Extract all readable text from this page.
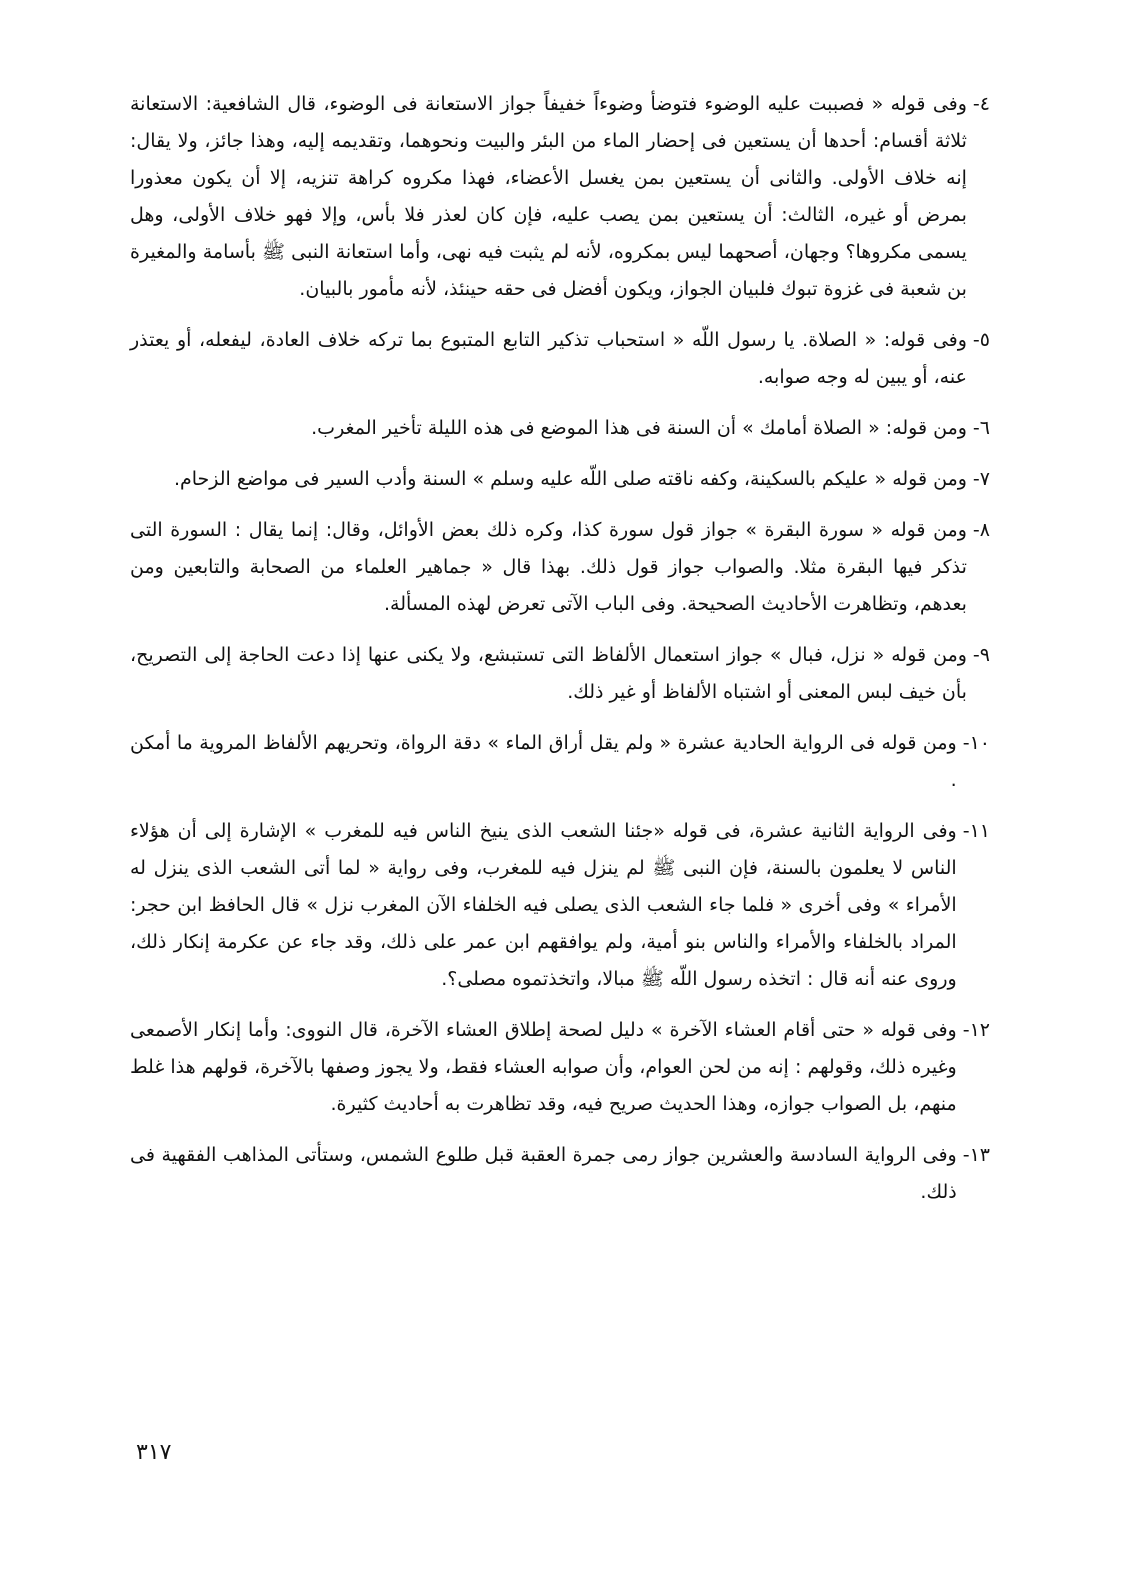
٤-
وفى قوله « فصببت عليه الوضوء فتوضأ وضوءاً خفيفاً جواز الاستعانة فى الوضوء، قال الشافعية: الاستعانة ثلاثة أقسام: أحدها أن يستعين فى إحضار الماء من البئر والبيت ونحوهما، وتقديمه إليه، وهذا جائز، ولا يقال: إنه خلاف الأولى. والثانى أن يستعين بمن يغسل الأعضاء، فهذا مكروه كراهة تنزيه، إلا أن يكون معذورا بمرض أو غيره، الثالث: أن يستعين بمن يصب عليه، فإن كان لعذر فلا بأس، وإلا فهو خلاف الأولى، وهل يسمى مكروها؟ وجهان، أصحهما ليس بمكروه، لأنه لم يثبت فيه نهى، وأما استعانة النبى ﷺ بأسامة والمغيرة بن شعبة فى غزوة تبوك فلبيان الجواز، ويكون أفضل فى حقه حينئذ، لأنه مأمور بالبيان.
٥-
وفى قوله: « الصلاة. يا رسول اللّه « استحباب تذكير التابع المتبوع بما تركه خلاف العادة، ليفعله، أو يعتذر عنه، أو يبين له وجه صوابه.
٦-
ومن قوله: « الصلاة أمامك » أن السنة فى هذا الموضع فى هذه الليلة تأخير المغرب.
٧-
ومن قوله « عليكم بالسكينة، وكفه ناقته صلى اللّه عليه وسلم » السنة وأدب السير فى مواضع الزحام.
٨-
ومن قوله « سورة البقرة » جواز قول سورة كذا، وكره ذلك بعض الأوائل، وقال: إنما يقال : السورة التى تذكر فيها البقرة مثلا. والصواب جواز قول ذلك. بهذا قال « جماهير العلماء من الصحابة والتابعين ومن بعدهم، وتظاهرت الأحاديث الصحيحة. وفى الباب الآتى تعرض لهذه المسألة.
٩-
ومن قوله « نزل، فبال » جواز استعمال الألفاظ التى تستبشع، ولا يكنى عنها إذا دعت الحاجة إلى التصريح، بأن خيف لبس المعنى أو اشتباه الألفاظ أو غير ذلك.
١٠-
ومن قوله فى الرواية الحادية عشرة « ولم يقل أراق الماء » دقة الرواة، وتحريهم الألفاظ المروية ما أمكن .
١١-
وفى الرواية الثانية عشرة، فى قوله «جئنا الشعب الذى ينيخ الناس فيه للمغرب » الإشارة إلى أن هؤلاء الناس لا يعلمون بالسنة، فإن النبى ﷺ لم ينزل فيه للمغرب، وفى رواية « لما أتى الشعب الذى ينزل له الأمراء » وفى أخرى « فلما جاء الشعب الذى يصلى فيه الخلفاء الآن المغرب نزل » قال الحافظ ابن حجر: المراد بالخلفاء والأمراء والناس بنو أمية، ولم يوافقهم ابن عمر على ذلك، وقد جاء عن عكرمة إنكار ذلك، وروى عنه أنه قال : اتخذه رسول اللّه ﷺ مبالا، واتخذتموه مصلى؟.
١٢-
وفى قوله « حتى أقام العشاء الآخرة » دليل لصحة إطلاق العشاء الآخرة، قال النووى: وأما إنكار الأصمعى وغيره ذلك، وقولهم : إنه من لحن العوام، وأن صوابه العشاء فقط، ولا يجوز وصفها بالآخرة، قولهم هذا غلط منهم، بل الصواب جوازه، وهذا الحديث صريح فيه، وقد تظاهرت به أحاديث كثيرة.
١٣-
وفى الرواية السادسة والعشرين جواز رمى جمرة العقبة قبل طلوع الشمس، وستأتى المذاهب الفقهية فى ذلك.
٣١٧
